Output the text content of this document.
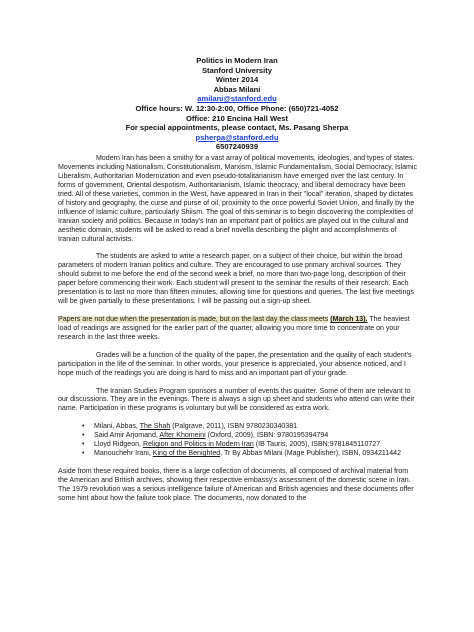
Politics in Modern Iran
Stanford University
Winter 2014
Abbas Milani
amilani@stanford.edu
Office hours: W. 12:30-2:00, Office Phone: (650)721-4052
Office: 210 Encina Hall West
For special appointments, please contact, Ms. Pasang Sherpa
psherpa@stanford.edu
6507240939

Modern Iran has been a smithy for a vast array of political movements, ideologies, and types of states. Movements including Nationalism, Constitutionalism, Marxism, Islamic Fundamentalism, Social Democracy, Islamic Liberalism, Authoritarian Modernization and even pseudo-totalitarianism have emerged over the last century. In forms of government, Oriental despotism, Authoritarianism, Islamic theocracy, and liberal democracy have been tried. All of these varieties, common in the West, have appeared in Iran in their "local" iteration, shaped by dictates of history and geography, the curse and purse of oil, proximity to the once powerful Soviet Union, and finally by the influence of Islamic culture, particularly Shiism. The goal of this seminar is to begin discovering the complexities of Iranian society and politics. Because in today's Iran an important part of politics are played out in the cultural and aesthetic domain, students will be asked to read a brief novella describing the plight and accomplishments of Iranian cultural activists.

The students are asked to write a research paper, on a subject of their choice, but within the broad parameters of modern Iranian politics and culture. They are encouraged to use primary archival sources. They should submit to me before the end of the second week a brief, no more than two-page long, description of their paper before commencing their work. Each student will present to the seminar the results of their research. Each presentation is to last no more than fifteen minutes, allowing time for questions and queries. The last five meetings will be given partially to these presentations. I will be passing out a sign-up sheet.

Papers are not due when the presentation is made, but on the last day the class meets (March 13). The heaviest load of readings are assigned for the earlier part of the quarter, allowing you more time to concentrate on your research in the last three weeks.

Grades will be a function of the quality of the paper, the presentation and the quality of each student's participation in the life of the seminar. In other words, your presence is appreciated, your absence noticed, and I hope much of the readings you are doing is hard to miss and an important part of your grade.

The Iranian Studies Program sponsors a number of events this quarter. Some of them are relevant to our discussions. They are in the evenings. There is always a sign up sheet and students who attend can write their name. Participation in these programs is voluntary but will be considered as extra work.

• Milani, Abbas, The Shah (Palgrave, 2011), ISBN 9780230340381
• Said Amir Arjomand, After Khomeini (Oxford, 2009), ISBN: 9780195394794
• Lloyd Ridgeon, Religion and Politics in Modern Iran (IB Tauris, 2005), ISBN:9781845110727
• Manouchehr Irani, King of the Benighted, Tr By Abbas Milani (Mage Publisher), ISBN, 0934211442

Aside from these required books, there is a large collection of documents, all composed of archival material from the American and British archives, showing their respective embassy's assessment of the domestic scene in Iran. The 1979 revolution was a serious intelligence failure of American and British agencies and these documents offer some hint about how the failure took place. The documents, now donated to the
